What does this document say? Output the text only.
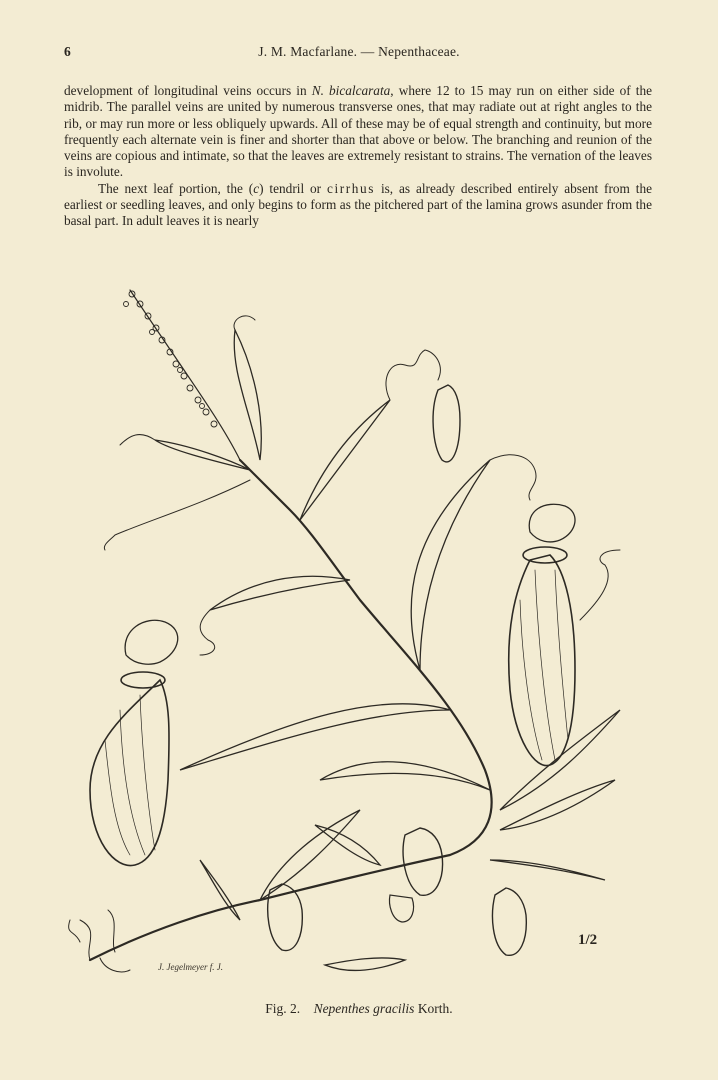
6	J. M. Macfarlane. — Nepenthaceae.

development of longitudinal veins occurs in N. bicalcarata, where 12 to 15 may run on either side of the midrib. The parallel veins are united by numerous transverse ones, that may radiate out at right angles to the rib, or may run more or less obliquely upwards. All of these may be of equal strength and continuity, but more frequently each alternate vein is finer and shorter than that above or below. The branching and reunion of the veins are copious and intimate, so that the leaves are extremely resistant to strains. The vernation of the leaves is involute.

The next leaf portion, the (c) tendril or cirrhus is, as already described entirely absent from the earliest or seedling leaves, and only begins to form as the pitchered part of the lamina grows asunder from the basal part. In adult leaves it is nearly

J. Jegelmeyer f. J.
1/2
Fig. 2. Nepenthes gracilis Korth.
